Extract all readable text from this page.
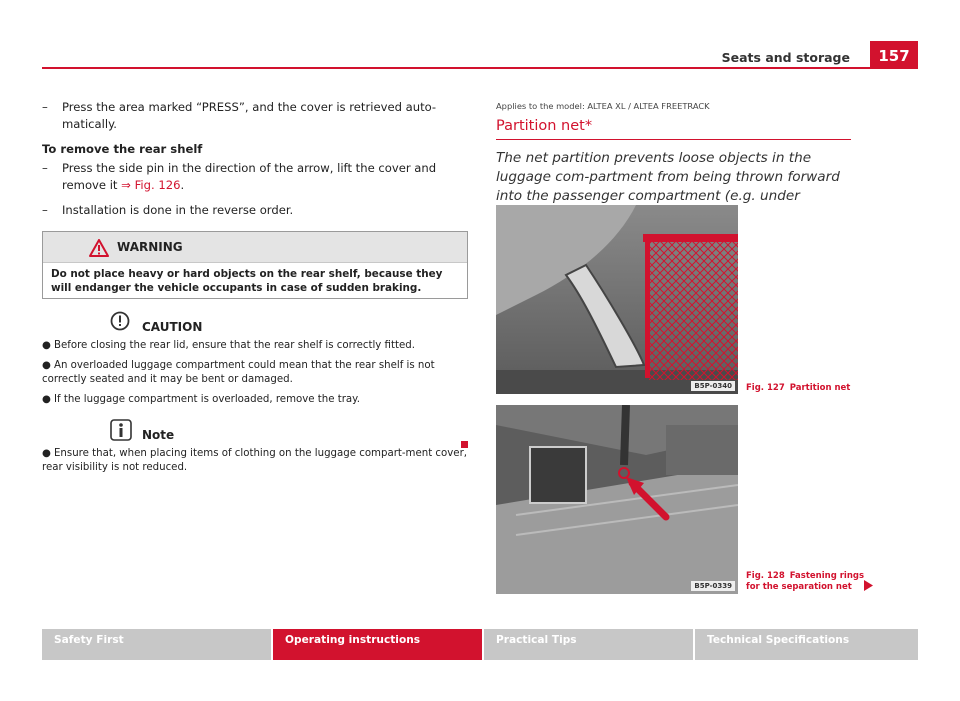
Seats and storage	157
– Press the area marked “PRESS”, and the cover is retrieved auto-matically.
To remove the rear shelf
– Press the side pin in the direction of the arrow, lift the cover and remove it ⇒ Fig. 126.
– Installation is done in the reverse order.
WARNING
Do not place heavy or hard objects on the rear shelf, because they will endanger the vehicle occupants in case of sudden braking.
CAUTION
● Before closing the rear lid, ensure that the rear shelf is correctly fitted.
● An overloaded luggage compartment could mean that the rear shelf is not correctly seated and it may be bent or damaged.
● If the luggage compartment is overloaded, remove the tray.
Note
● Ensure that, when placing items of clothing on the luggage compart-ment cover, rear visibility is not reduced.
Applies to the model: ALTEA XL / ALTEA FREETRACK
Partition net*
The net partition prevents loose objects in the luggage com-partment from being thrown forward into the passenger compartment (e.g. under
B5P-0340	Fig. 127 Partition net
B5P-0339
Fig. 128 Fastening rings
for the separation net
Safety First	Operating instructions	Practical Tips	Technical Specifications
